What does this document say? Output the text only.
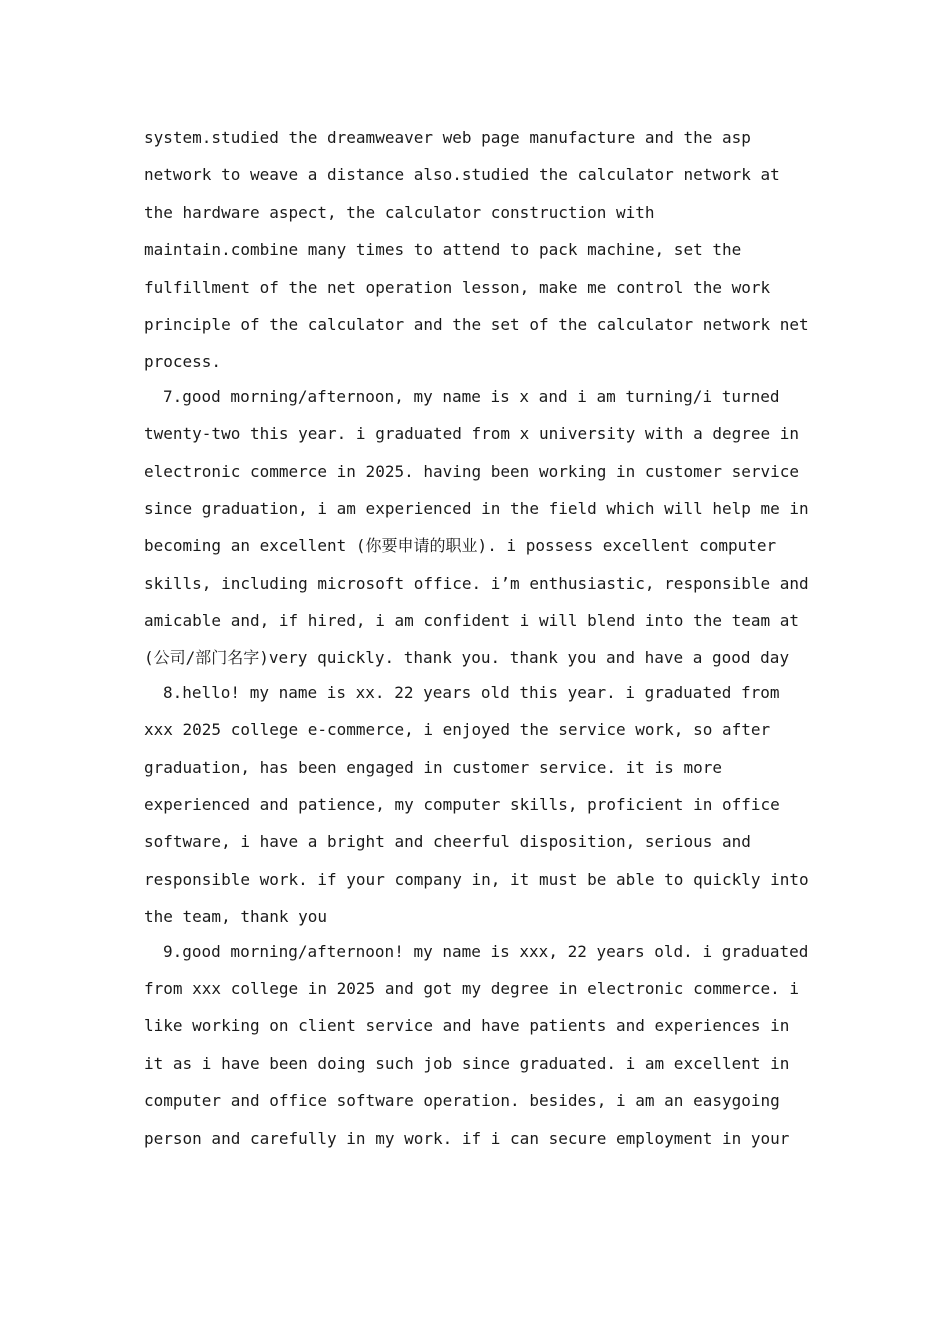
system.studied the dreamweaver web page manufacture and the asp
network to weave a distance also.studied the calculator network at
the hardware aspect, the calculator construction with
maintain.combine many times to attend to pack machine, set the
fulfillment of the net operation lesson, make me control the work
principle of the calculator and the set of the calculator network net
process.

7.good morning/afternoon, my name is x and i am turning/i turned
twenty-two this year. i graduated from x university with a degree in
electronic commerce in 2025. having been working in customer service
since graduation, i am experienced in the field which will help me in
becoming an excellent (你要申请的职业). i possess excellent computer
skills, including microsoft office. i’m enthusiastic, responsible and
amicable and, if hired, i am confident i will blend into the team at
(公司/部门名字)very quickly. thank you. thank you and have a good day

8.hello! my name is xx. 22 years old this year. i graduated from
xxx 2025 college e-commerce, i enjoyed the service work, so after
graduation, has been engaged in customer service. it is more
experienced and patience, my computer skills, proficient in office
software, i have a bright and cheerful disposition, serious and
responsible work. if your company in, it must be able to quickly into
the team, thank you

9.good morning/afternoon! my name is xxx, 22 years old. i graduated
from xxx college in 2025 and got my degree in electronic commerce. i
like working on client service and have patients and experiences in
it as i have been doing such job since graduated. i am excellent in
computer and office software operation. besides, i am an easygoing
person and carefully in my work. if i can secure employment in your
